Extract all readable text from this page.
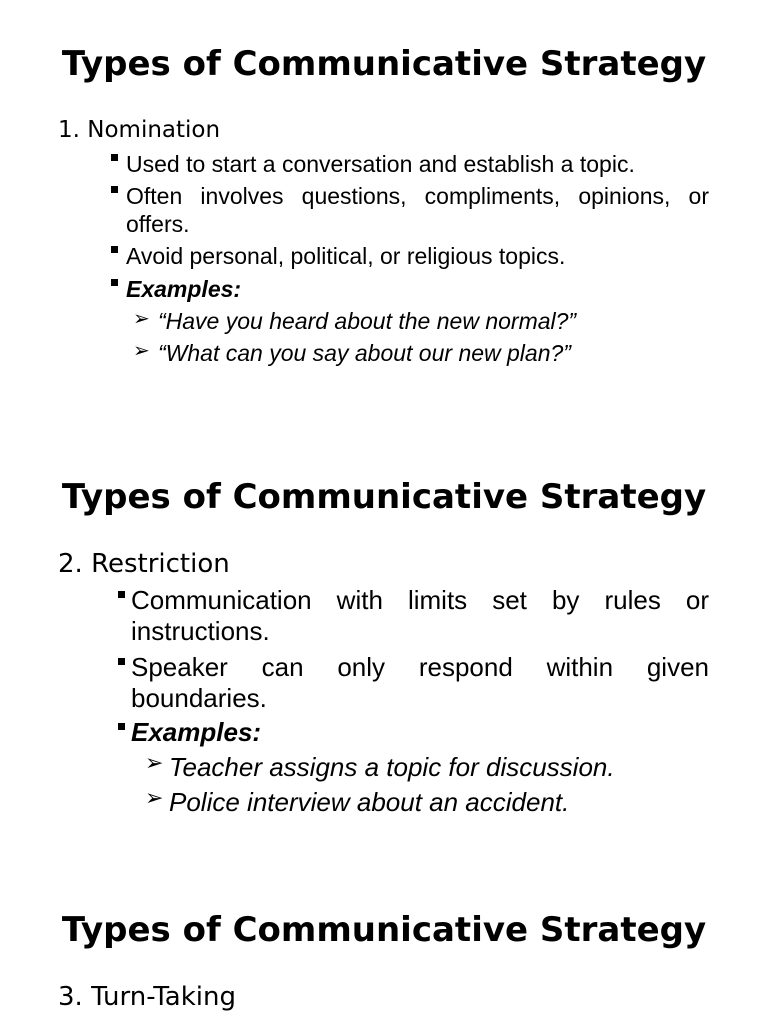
Types of Communicative Strategy
1. Nomination
Used to start a conversation and establish a topic.
Often involves questions, compliments, opinions, or offers.
Avoid personal, political, or religious topics.
Examples:
➢ “Have you heard about the new normal?”
➢ “What can you say about our new plan?”
Types of Communicative Strategy
2. Restriction
Communication with limits set by rules or instructions.
Speaker can only respond within given boundaries.
Examples:
➢ Teacher assigns a topic for discussion.
➢ Police interview about an accident.
Types of Communicative Strategy
3. Turn-Taking
